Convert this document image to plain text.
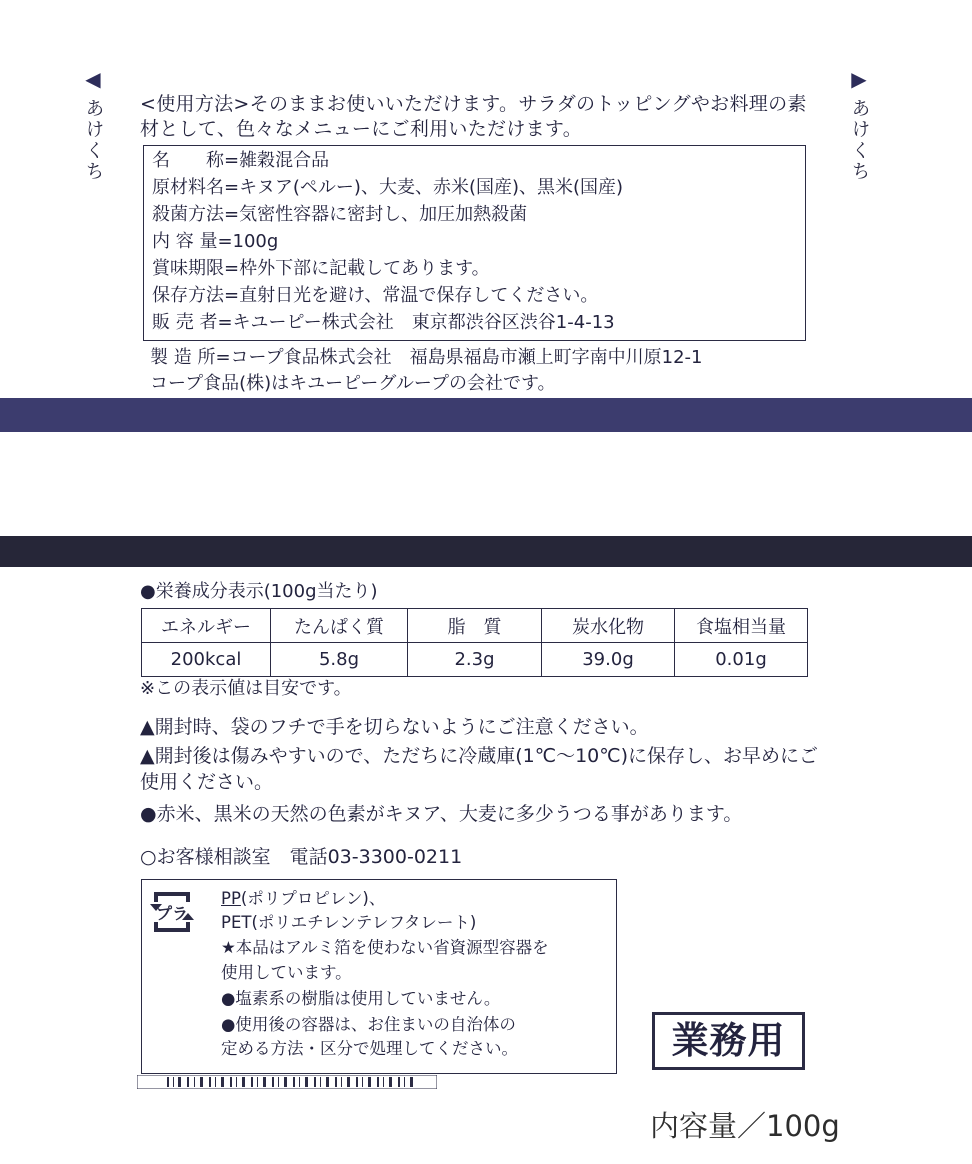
◀
あけくち
▶
あけくち
<使用方法>そのままお使いいただけます。サラダのトッピングやお料理の素材として、色々なメニューにご利用いただけます。
名　　称=雑穀混合品
原材料名=キヌア(ペルー)、大麦、赤米(国産)、黒米(国産)
殺菌方法=気密性容器に密封し、加圧加熱殺菌
内 容 量=100g
賞味期限=枠外下部に記載してあります。
保存方法=直射日光を避け、常温で保存してください。
販 売 者=キユーピー株式会社　東京都渋谷区渋谷1-4-13
製 造 所=コープ食品株式会社　福島県福島市瀬上町字南中川原12-1
コープ食品(株)はキユーピーグループの会社です。
●栄養成分表示(100g当たり)
エネルギー	たんぱく質	脂　質	炭水化物	食塩相当量
200kcal	5.8g	2.3g	39.0g	0.01g
※この表示値は目安です。
▲開封時、袋のフチで手を切らないようにご注意ください。
▲開封後は傷みやすいので、ただちに冷蔵庫(1℃〜10℃)に保存し、お早めにご使用ください。
●赤米、黒米の天然の色素がキヌア、大麦に多少うつる事があります。
○お客様相談室　電話03-3300-0211
プラ
PP(ポリプロピレン)、
PET(ポリエチレンテレフタレート)
★本品はアルミ箔を使わない省資源型容器を
使用しています。
●塩素系の樹脂は使用していません。
●使用後の容器は、お住まいの自治体の
定める方法・区分で処理してください。	業務用
内容量／100g
